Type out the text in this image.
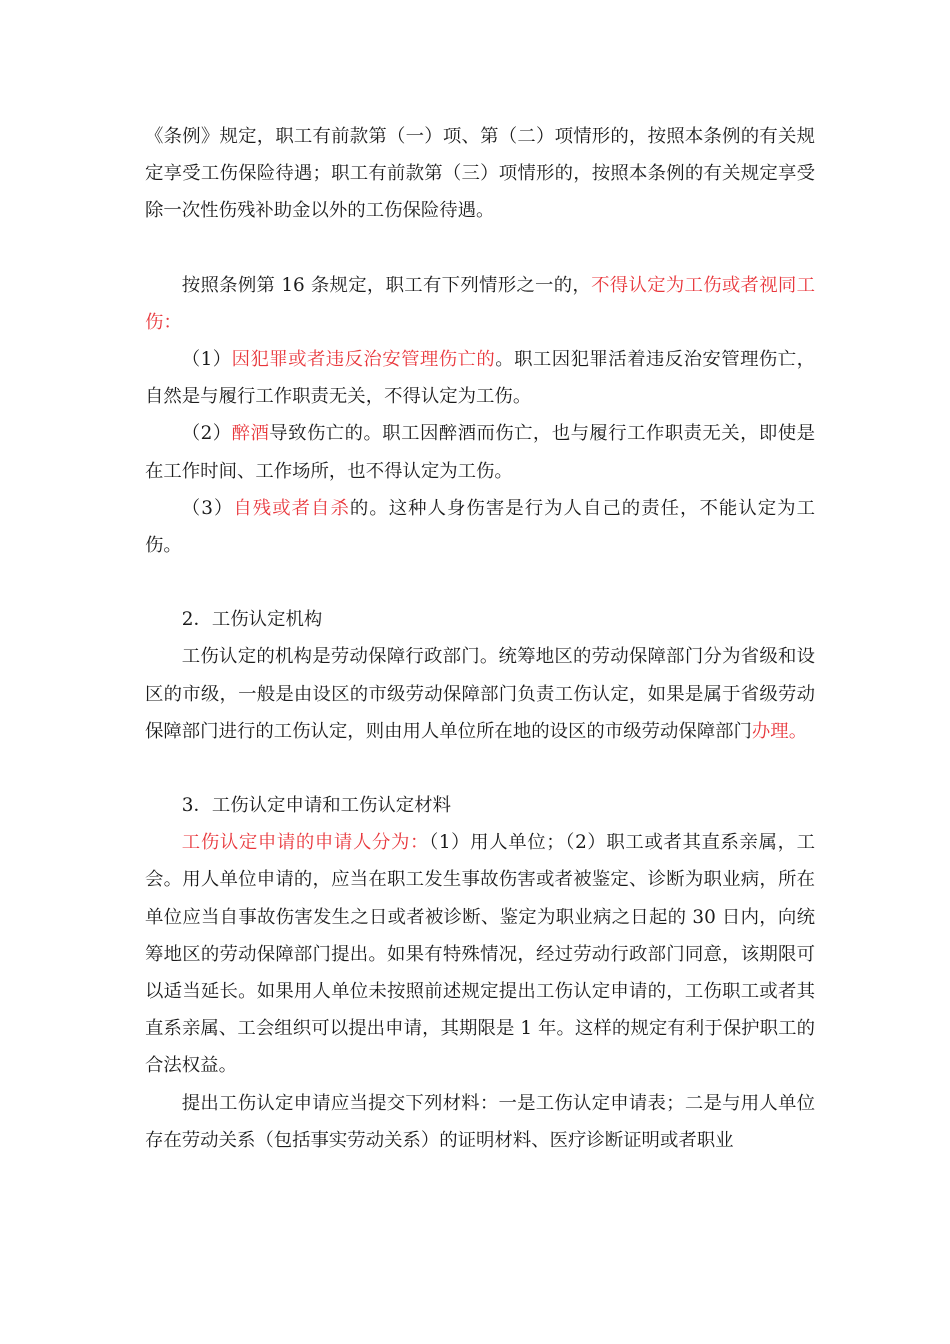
《条例》规定，职工有前款第（一）项、第（二）项情形的，按照本条例的有关规定享受工伤保险待遇；职工有前款第（三）项情形的，按照本条例的有关规定享受除一次性伤残补助金以外的工伤保险待遇。

按照条例第 16 条规定，职工有下列情形之一的，不得认定为工伤或者视同工伤：

（1）因犯罪或者违反治安管理伤亡的。职工因犯罪活着违反治安管理伤亡，自然是与履行工作职责无关，不得认定为工伤。

（2）醉酒导致伤亡的。职工因醉酒而伤亡，也与履行工作职责无关，即使是在工作时间、工作场所，也不得认定为工伤。

（3）自残或者自杀的。这种人身伤害是行为人自己的责任，不能认定为工伤。

2．工伤认定机构

工伤认定的机构是劳动保障行政部门。统筹地区的劳动保障部门分为省级和设区的市级，一般是由设区的市级劳动保障部门负责工伤认定，如果是属于省级劳动保障部门进行的工伤认定，则由用人单位所在地的设区的市级劳动保障部门办理。

3．工伤认定申请和工伤认定材料

工伤认定申请的申请人分为：（1）用人单位；（2）职工或者其直系亲属，工会。用人单位申请的，应当在职工发生事故伤害或者被鉴定、诊断为职业病，所在单位应当自事故伤害发生之日或者被诊断、鉴定为职业病之日起的 30 日内，向统筹地区的劳动保障部门提出。如果有特殊情况，经过劳动行政部门同意，该期限可以适当延长。如果用人单位未按照前述规定提出工伤认定申请的，工伤职工或者其直系亲属、工会组织可以提出申请，其期限是 1 年。这样的规定有利于保护职工的合法权益。

提出工伤认定申请应当提交下列材料：一是工伤认定申请表；二是与用人单位存在劳动关系（包括事实劳动关系）的证明材料、医疗诊断证明或者职业
